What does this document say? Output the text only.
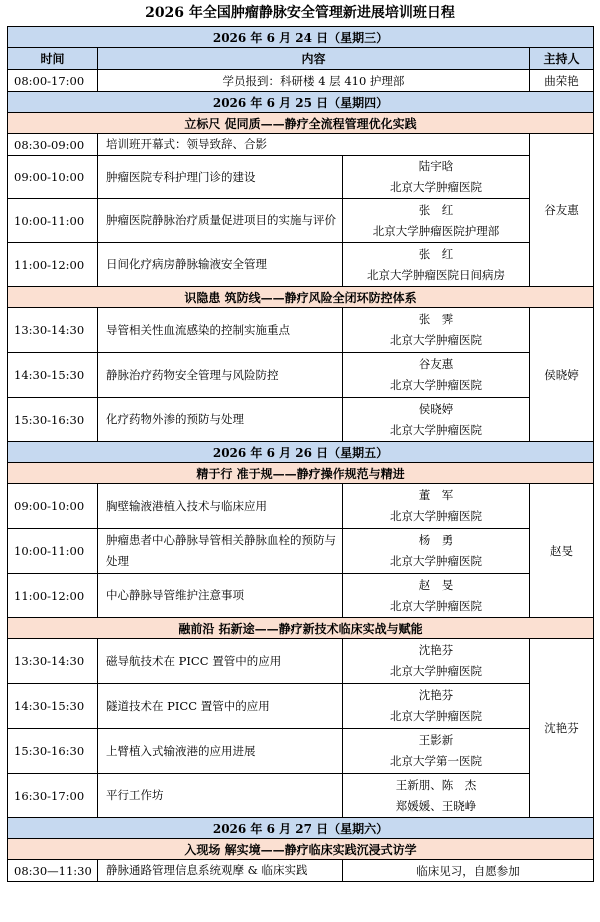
2026 年全国肿瘤静脉安全管理新进展培训班日程
2026 年 6 月 24 日（星期三）			
时间	内容		主持人
08:00-17:00	学员报到：科研楼 4 层 410 护理部		曲荣艳
2026 年 6 月 25 日（星期四）			
立标尺 促同质——静疗全流程管理优化实践			
08:30-09:00	培训班开幕式：领导致辞、合影		谷友惠
09:00-10:00	肿瘤医院专科护理门诊的建设	陆宇晗
北京大学肿瘤医院	

10:00-11:00	肿瘤医院静脉治疗质量促进项目的实施与评价	张　红
北京大学肿瘤医院护理部	

11:00-12:00	日间化疗病房静脉输液安全管理	张　红
北京大学肿瘤医院日间病房	

识隐患 筑防线——静疗风险全闭环防控体系			
13:30-14:30	导管相关性血流感染的控制实施重点	张　霁
北京大学肿瘤医院	侯晓婷
14:30-15:30	静脉治疗药物安全管理与风险防控	谷友惠
北京大学肿瘤医院	

15:30-16:30	化疗药物外渗的预防与处理	侯晓婷
北京大学肿瘤医院	

2026 年 6 月 26 日（星期五）			
精于行 准于规——静疗操作规范与精进			
09:00-10:00	胸壁输液港植入技术与临床应用	董　军
北京大学肿瘤医院	赵旻
10:00-11:00	肿瘤患者中心静脉导管相关静脉血栓的预防与处理	杨　勇
北京大学肿瘤医院	

11:00-12:00	中心静脉导管维护注意事项	赵　旻
北京大学肿瘤医院	

融前沿 拓新途——静疗新技术临床实战与赋能			
13:30-14:30	磁导航技术在 PICC 置管中的应用	沈艳芬
北京大学肿瘤医院	沈艳芬
14:30-15:30	隧道技术在 PICC 置管中的应用	沈艳芬
北京大学肿瘤医院	

15:30-16:30	上臂植入式输液港的应用进展	王影新
北京大学第一医院	

16:30-17:00	平行工作坊	王新朋、陈　杰
郑媛媛、王晓峥	

2026 年 6 月 27 日（星期六）			
入现场 解实境——静疗临床实践沉浸式访学			
08:30—11:30	静脉通路管理信息系统观摩 & 临床实践	临床见习，自愿参加	
